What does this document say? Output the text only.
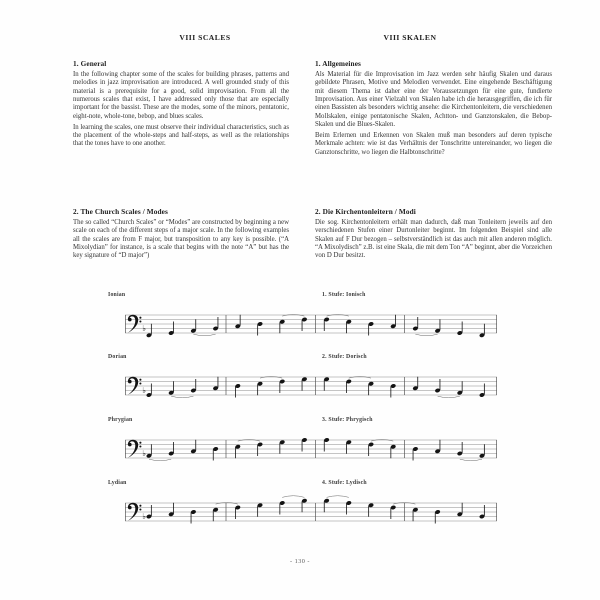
VIII SCALES	VIII SKALEN
1. General

In the following chapter some of the scales for building phrases, patterns and melodies in jazz improvisation are introduced. A well grounded study of this material is a prerequisite for a good, solid improvisation. From all the numerous scales that exist, I have addressed only those that are especially important for the bassist. These are the modes, some of the minors, pentatonic, eight-note, whole-tone, bebop, and blues scales.

In learning the scales, one must observe their individual characteristics, such as the placement of the whole-steps and half-steps, as well as the relationships that the tones have to one another.

2. The Church Scales / Modes

The so called “Church Scales” or “Modes” are constructed by beginning a new scale on each of the different steps of a major scale. In the following examples all the scales are from F major, but transposition to any key is possible. (“A Mixolydian” for instance, is a scale that begins with the note “A” but has the key signature of “D major”)

1. Allgemeines

Als Material für die Improvisation im Jazz werden sehr häufig Skalen und daraus gebildete Phrasen, Motive und Melodien verwendet. Eine eingehende Beschäftigung mit diesem Thema ist daher eine der Voraussetzungen für eine gute, fundierte Improvisation. Aus einer Vielzahl von Skalen habe ich die herausgegriffen, die ich für einen Bassisten als besonders wichtig ansehe: die Kirchentonleitern, die verschiedenen Mollskalen, einige pentatonische Skalen, Achtton- und Ganztonskalen, die Bebop-Skalen und die Blues-Skalen.

Beim Erlernen und Erkennen von Skalen muß man besonders auf deren typische Merkmale achten: wie ist das Verhältnis der Tonschritte untereinander, wo liegen die Ganztonschritte, wo liegen die Halbtonschritte?

2. Die Kirchentonleitern / Modi

Die sog. Kirchentonleitern erhält man dadurch, daß man Tonleitern jeweils auf den verschiedenen Stufen einer Durtonleiter beginnt. Im folgenden Beispiel sind alle Skalen auf F Dur bezogen – selbstverständlich ist das auch mit allen anderen möglich. “A Mixolydisch” z.B. ist eine Skala, die mit dem Ton “A” beginnt, aber die Vorzeichen von D Dur besitzt.

Ionian	1. Stufe: Ionisch
♭
Dorian	2. Stufe: Dorisch
♭
Phrygian	3. Stufe: Phrygisch
♭
Lydian	4. Stufe: Lydisch
♭
- 130 -
